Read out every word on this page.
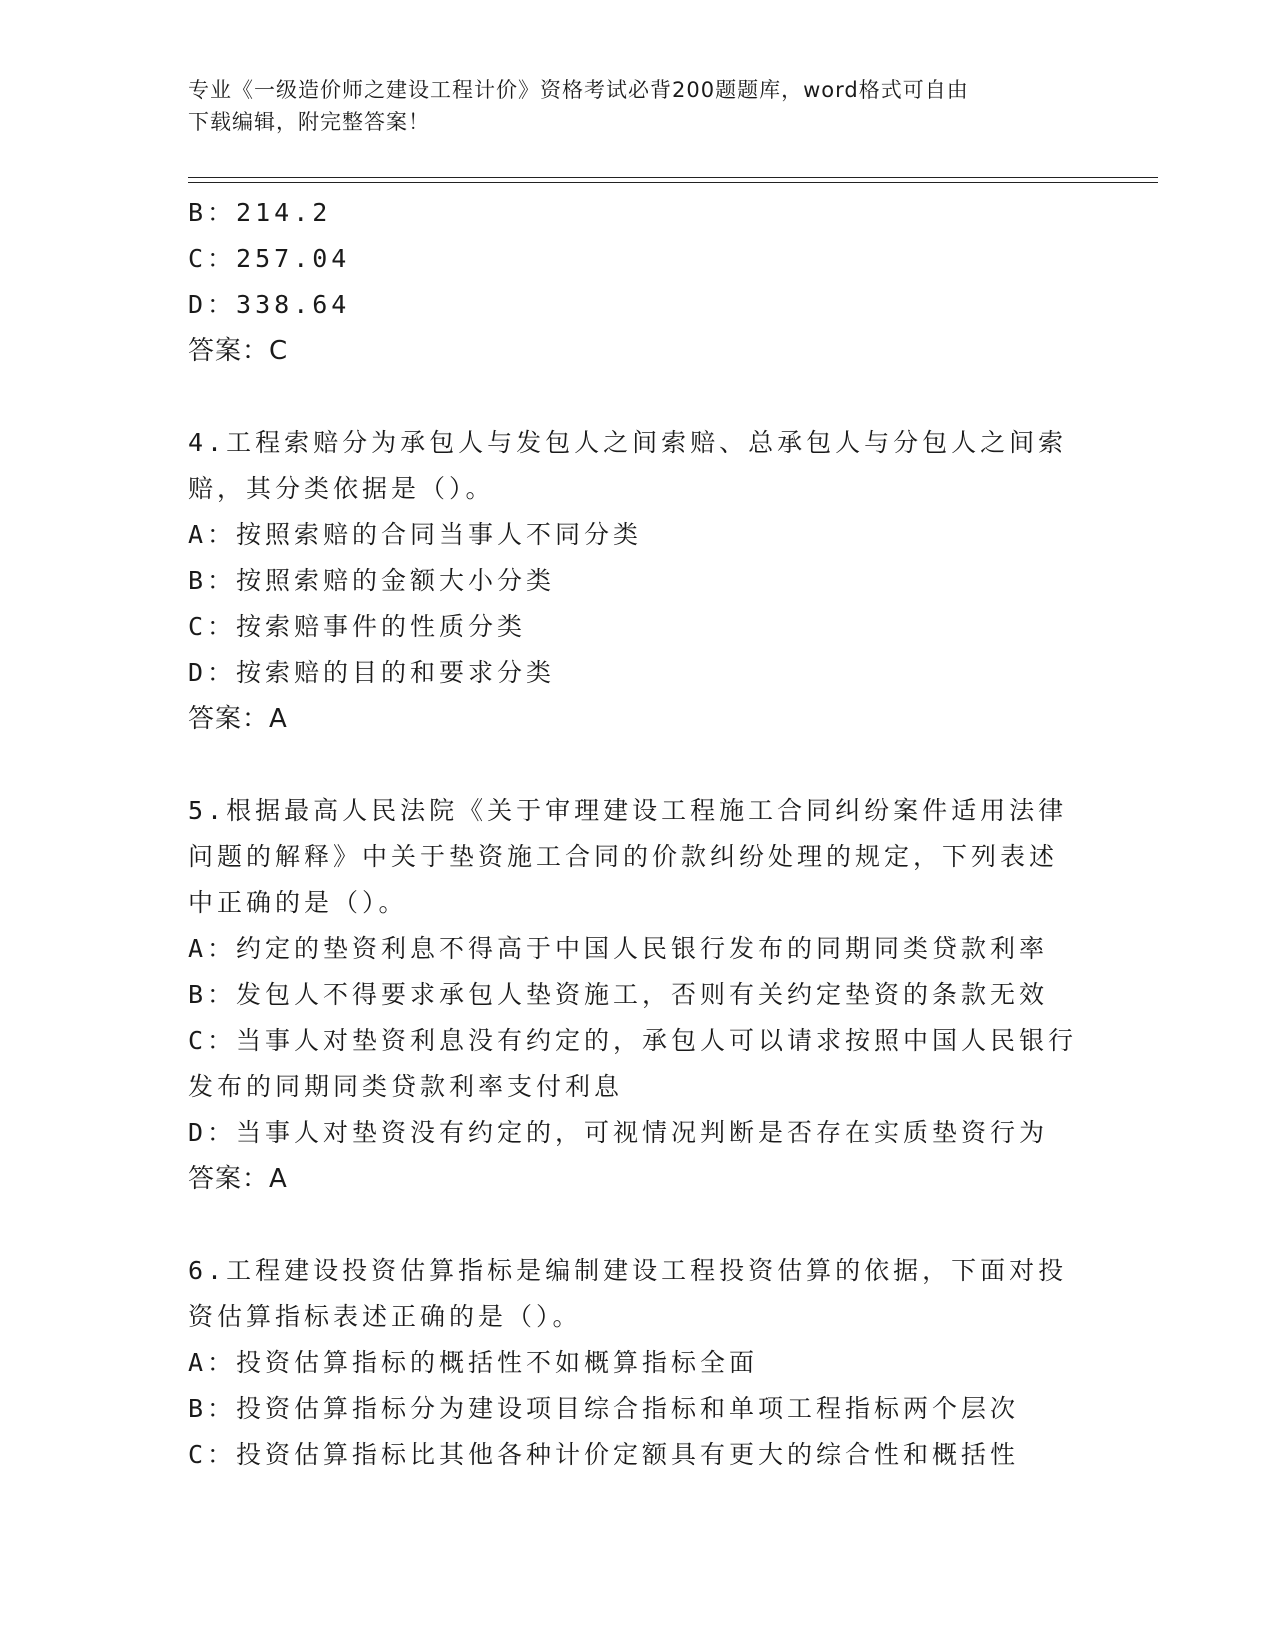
专业《一级造价师之建设工程计价》资格考试必背200题题库，word格式可自由
下载编辑，附完整答案！
B：214.2
C：257.04
D：338.64
答案：C
4.工程索赔分为承包人与发包人之间索赔、总承包人与分包人之间索
赔，其分类依据是（）。
A：按照索赔的合同当事人不同分类
B：按照索赔的金额大小分类
C：按索赔事件的性质分类
D：按索赔的目的和要求分类
答案：A
5.根据最高人民法院《关于审理建设工程施工合同纠纷案件适用法律
问题的解释》中关于垫资施工合同的价款纠纷处理的规定，下列表述
中正确的是（）。
A：约定的垫资利息不得高于中国人民银行发布的同期同类贷款利率
B：发包人不得要求承包人垫资施工，否则有关约定垫资的条款无效
C：当事人对垫资利息没有约定的，承包人可以请求按照中国人民银行
发布的同期同类贷款利率支付利息
D：当事人对垫资没有约定的，可视情况判断是否存在实质垫资行为
答案：A
6.工程建设投资估算指标是编制建设工程投资估算的依据，下面对投
资估算指标表述正确的是（）。
A：投资估算指标的概括性不如概算指标全面
B：投资估算指标分为建设项目综合指标和单项工程指标两个层次
C：投资估算指标比其他各种计价定额具有更大的综合性和概括性
